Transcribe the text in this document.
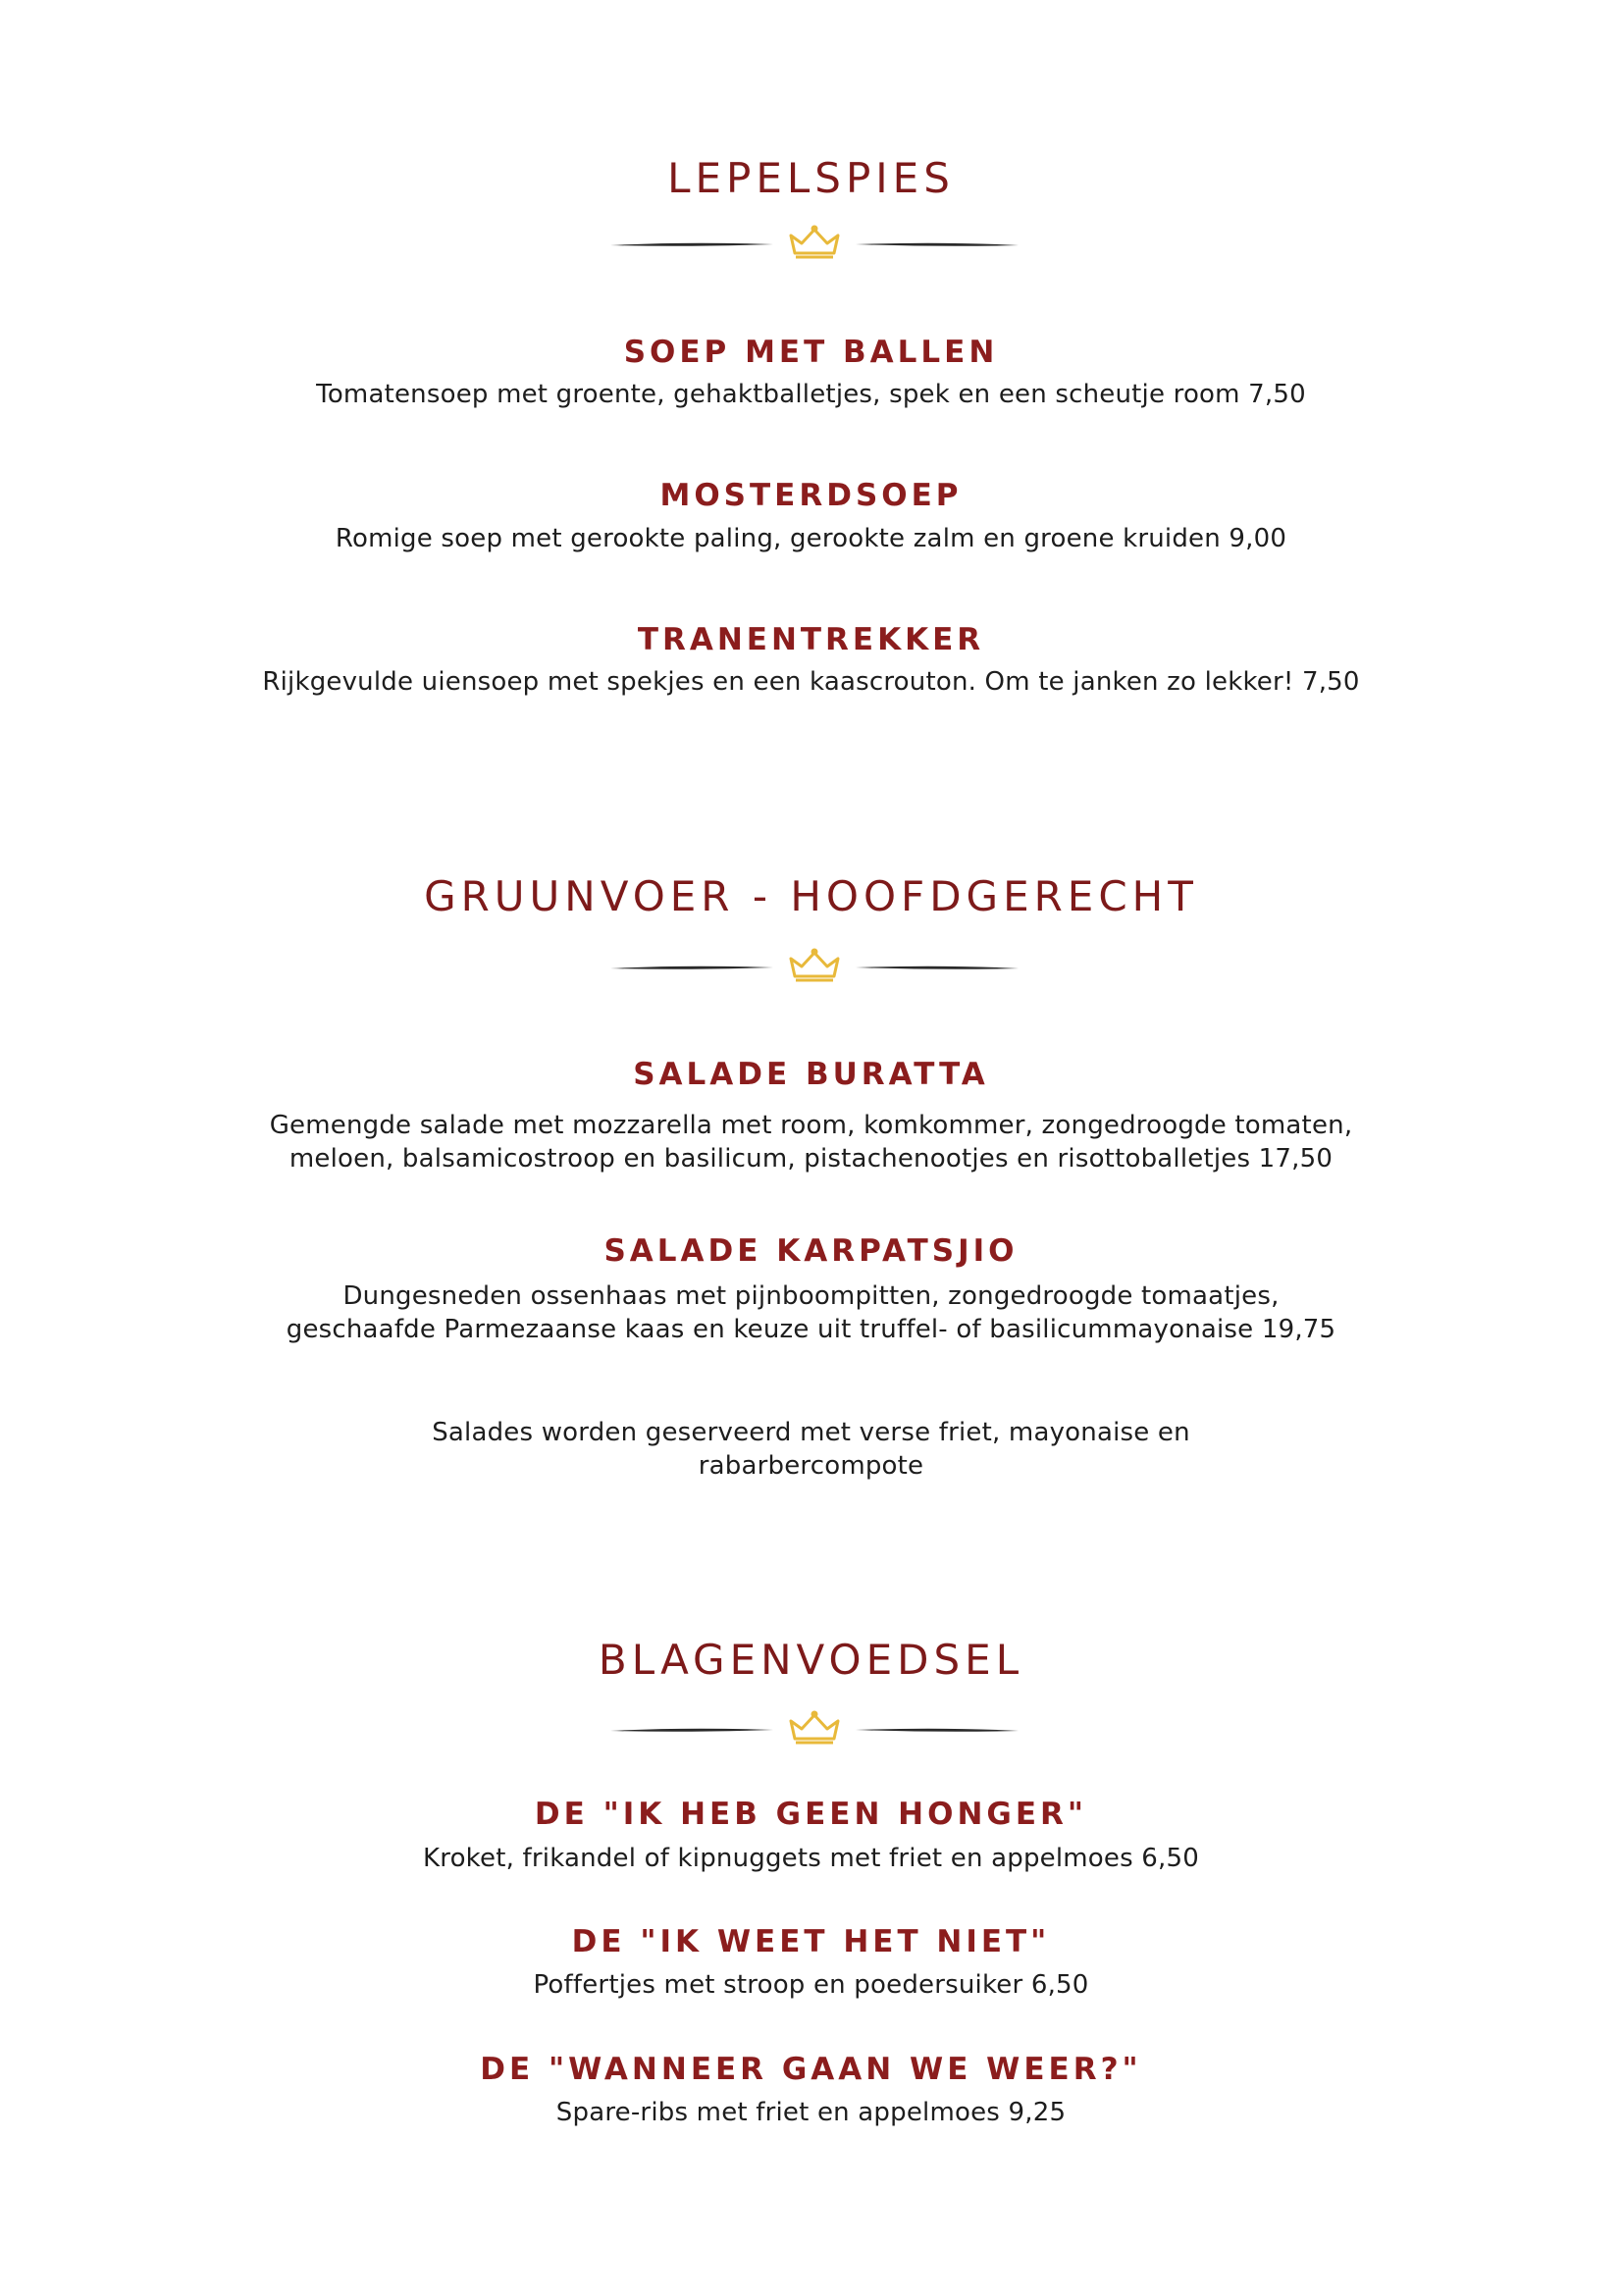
LEPELSPIES
SOEP MET BALLEN

Tomatensoep met groente, gehaktballetjes, spek en een scheutje room 7,50

MOSTERDSOEP

Romige soep met gerookte paling, gerookte zalm en groene kruiden 9,00

TRANENTREKKER

Rijkgevulde uiensoep met spekjes en een kaascrouton. Om te janken zo lekker! 7,50

GRUUNVOER - HOOFDGERECHT
SALADE BURATTA

Gemengde salade met mozzarella met room, komkommer, zongedroogde tomaten,
meloen, balsamicostroop en basilicum, pistachenootjes en risottoballetjes 17,50

SALADE KARPATSJIO

Dungesneden ossenhaas met pijnboompitten, zongedroogde tomaatjes,
geschaafde Parmezaanse kaas en keuze uit truffel- of basilicummayonaise 19,75

Salades worden geserveerd met verse friet, mayonaise en
rabarbercompote

BLAGENVOEDSEL
DE "IK HEB GEEN HONGER"

Kroket, frikandel of kipnuggets met friet en appelmoes 6,50

DE "IK WEET HET NIET"

Poffertjes met stroop en poedersuiker 6,50

DE "WANNEER GAAN WE WEER?"

Spare-ribs met friet en appelmoes 9,25
